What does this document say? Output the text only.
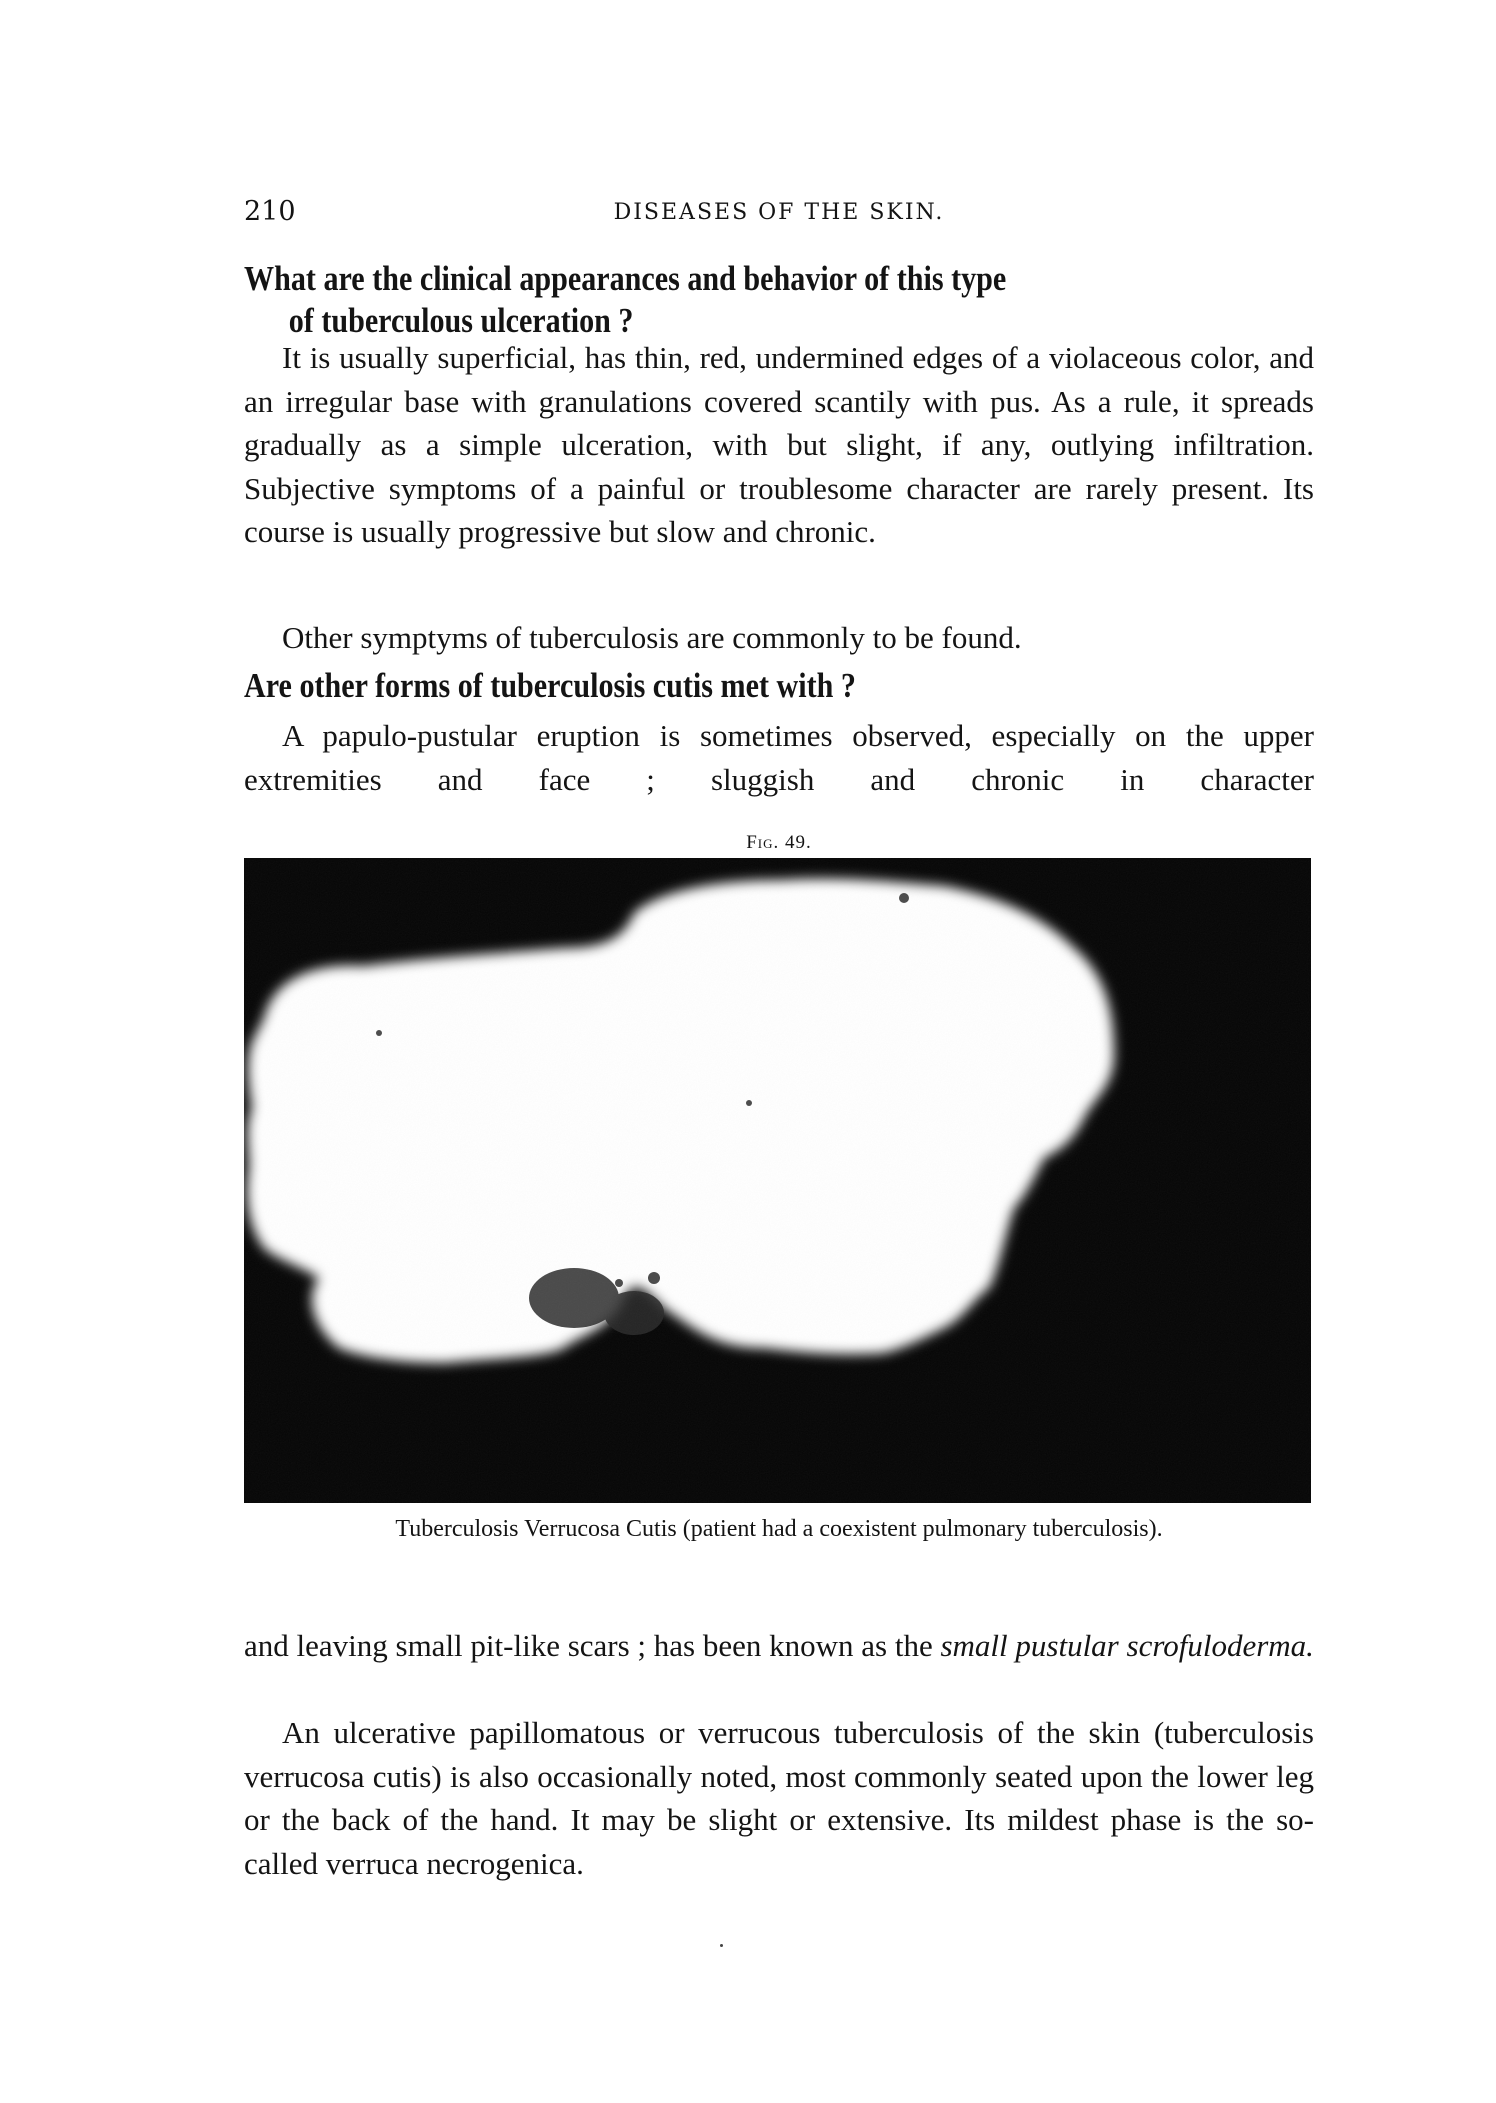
210	DISEASES OF THE SKIN.
What are the clinical appearances and behavior of this type
of tuberculous ulceration ?

It is usually superficial, has thin, red, undermined edges of a violaceous color, and an irregular base with granulations covered scantily with pus. As a rule, it spreads gradually as a simple ulceration, with but slight, if any, outlying infiltration. Subjective symptoms of a painful or troublesome character are rarely present. Its course is usually progressive but slow and chronic.

Other symptyms of tuberculosis are commonly to be found.

Are other forms of tuberculosis cutis met with ?

A papulo-pustular eruption is sometimes observed, especially on the upper extremities and face ; sluggish and chronic in character

Fig. 49.
Tuberculosis Verrucosa Cutis (patient had a coexistent pulmonary tuberculosis).

and leaving small pit-like scars ; has been known as the small pustular scrofuloderma.

An ulcerative papillomatous or verrucous tuberculosis of the skin (tuberculosis verrucosa cutis) is also occasionally noted, most commonly seated upon the lower leg or the back of the hand. It may be slight or extensive. Its mildest phase is the so-called verruca necrogenica.
